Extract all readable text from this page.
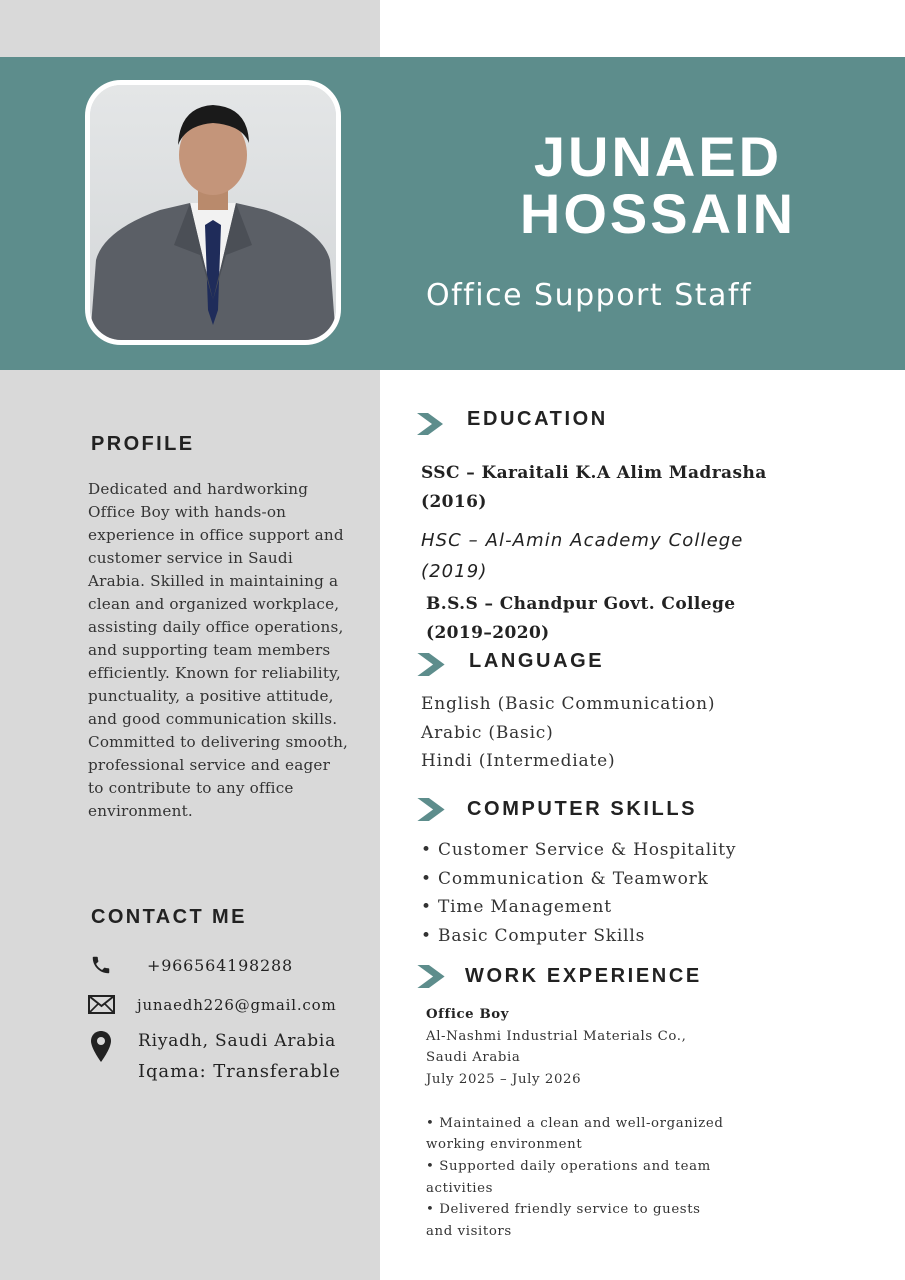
JUNAED
HOSSAIN
Office Support Staff
PROFILE
Dedicated and hardworking Office Boy with hands-on experience in office support and customer service in Saudi Arabia. Skilled in maintaining a clean and organized workplace, assisting daily office operations, and supporting team members efficiently. Known for reliability, punctuality, a positive attitude, and good communication skills. Committed to delivering smooth, professional service and eager to contribute to any office environment.
CONTACT ME
+966564198288
junaedh226@gmail.com
Riyadh, Saudi Arabia
Iqama: Transferable
EDUCATION
SSC – Karaitali K.A Alim Madrasha (2016)
HSC – Al-Amin Academy College (2019)
B.S.S – Chandpur Govt. College (2019–2020)
LANGUAGE
English (Basic Communication)
Arabic (Basic)
Hindi (Intermediate)
COMPUTER SKILLS
• Customer Service & Hospitality
• Communication & Teamwork
• Time Management
• Basic Computer Skills
WORK EXPERIENCE
Office Boy
Al-Nashmi Industrial Materials Co., Saudi Arabia
July 2025 – July 2026
• Maintained a clean and well-organized working environment
• Supported daily operations and team activities
• Delivered friendly service to guests and visitors
